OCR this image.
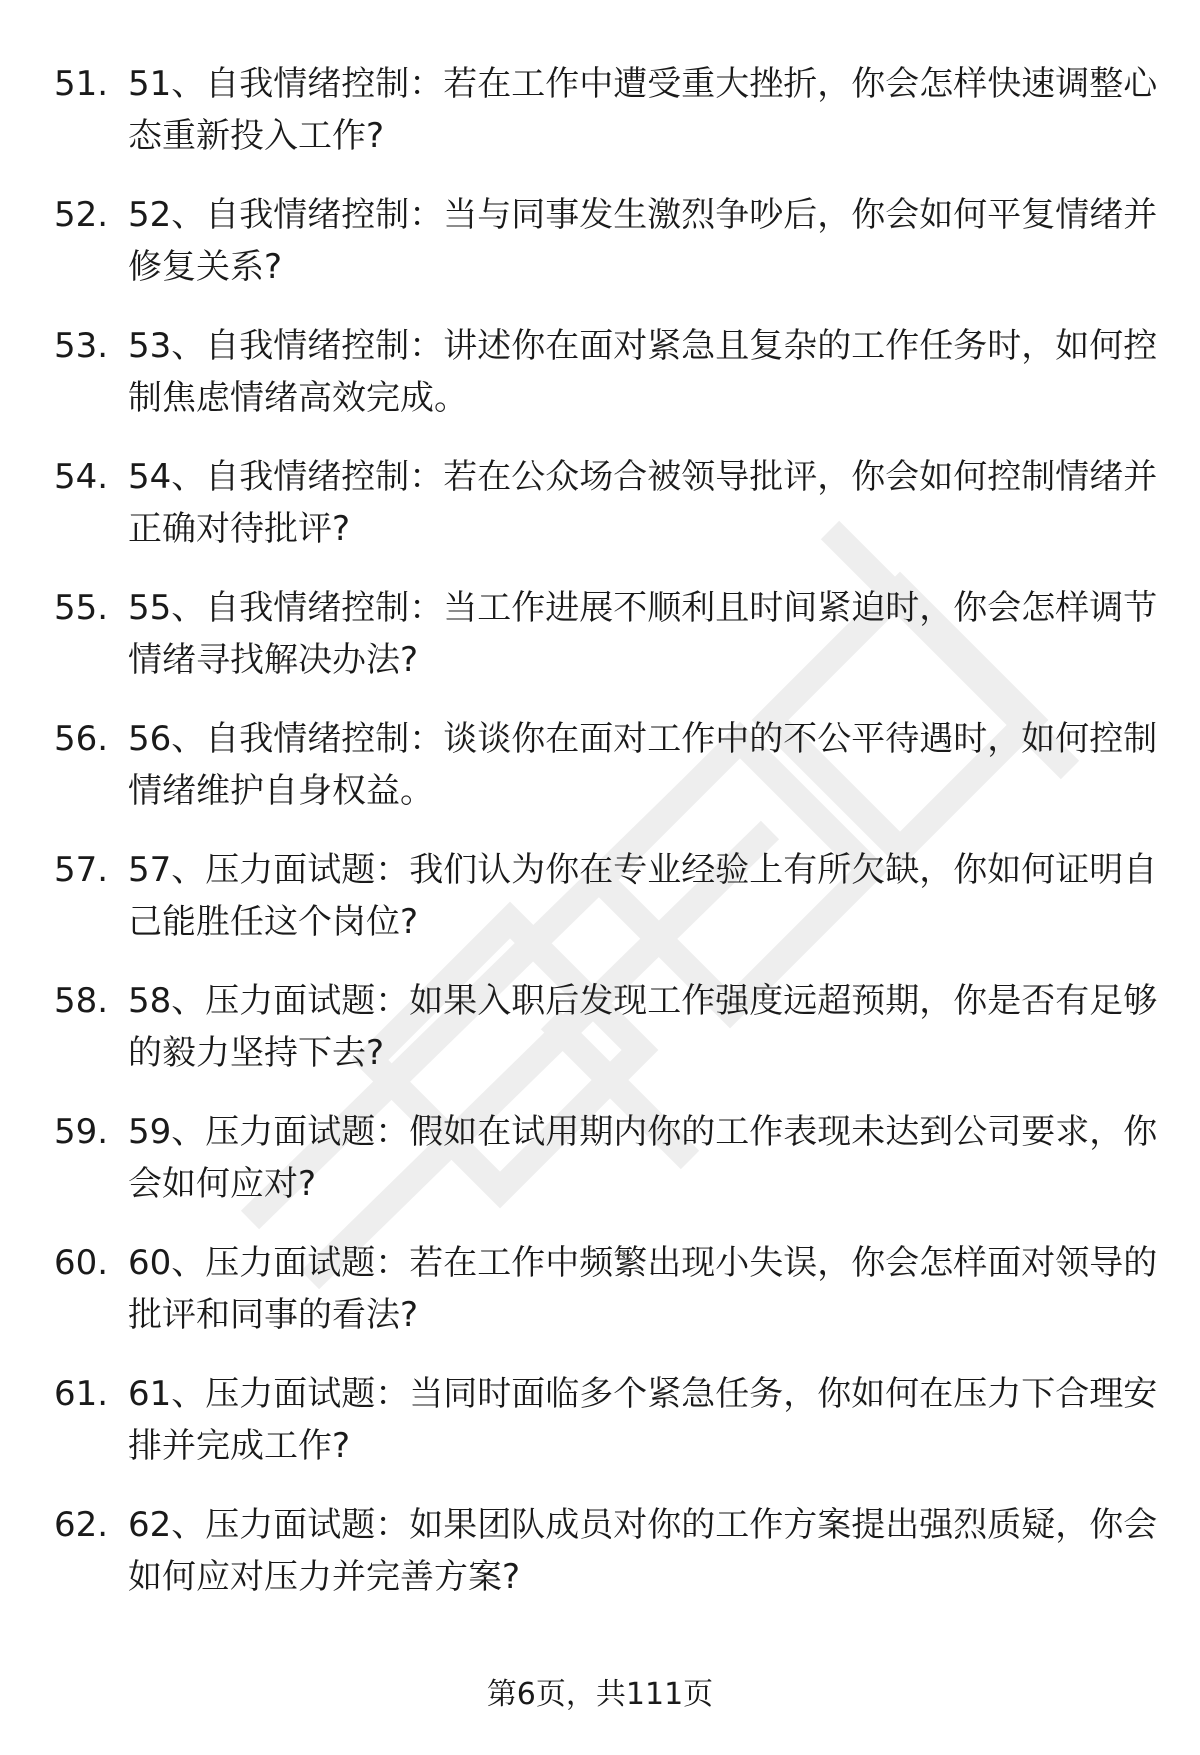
51. 51、自我情绪控制：若在工作中遭受重大挫折，你会怎样快速调整心态重新投入工作?
52. 52、自我情绪控制：当与同事发生激烈争吵后，你会如何平复情绪并修复关系?
53. 53、自我情绪控制：讲述你在面对紧急且复杂的工作任务时，如何控制焦虑情绪高效完成。
54. 54、自我情绪控制：若在公众场合被领导批评，你会如何控制情绪并正确对待批评?
55. 55、自我情绪控制：当工作进展不顺利且时间紧迫时，你会怎样调节情绪寻找解决办法?
56. 56、自我情绪控制：谈谈你在面对工作中的不公平待遇时，如何控制情绪维护自身权益。
57. 57、压力面试题：我们认为你在专业经验上有所欠缺，你如何证明自己能胜任这个岗位?
58. 58、压力面试题：如果入职后发现工作强度远超预期，你是否有足够的毅力坚持下去?
59. 59、压力面试题：假如在试用期内你的工作表现未达到公司要求，你会如何应对?
60. 60、压力面试题：若在工作中频繁出现小失误，你会怎样面对领导的批评和同事的看法?
61. 61、压力面试题：当同时面临多个紧急任务，你如何在压力下合理安排并完成工作?
62. 62、压力面试题：如果团队成员对你的工作方案提出强烈质疑，你会如何应对压力并完善方案?
第6页，共111页
